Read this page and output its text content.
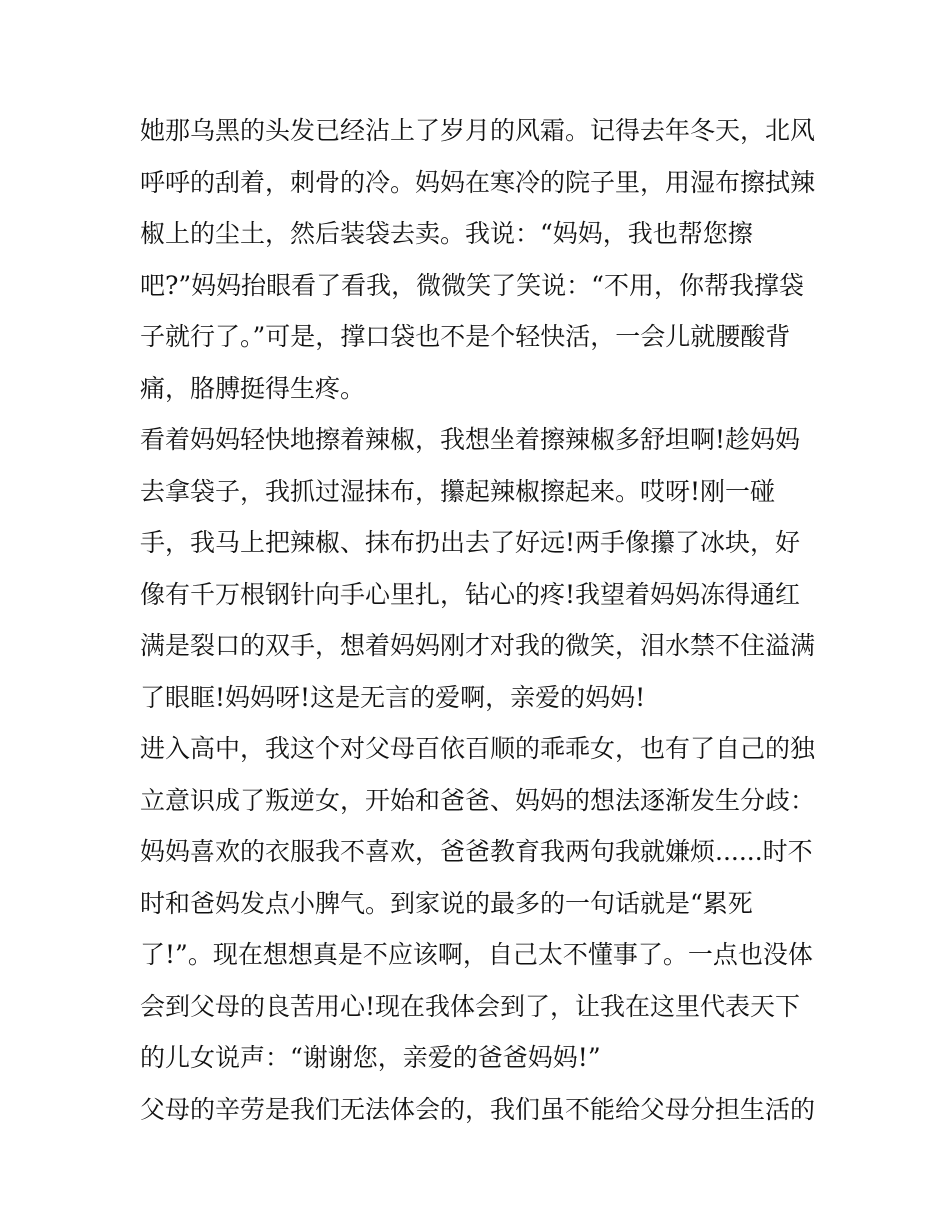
她那乌黑的头发已经沾上了岁月的风霜。记得去年冬天，北风
呼呼的刮着，刺骨的冷。妈妈在寒冷的院子里，用湿布擦拭辣
椒上的尘土，然后装袋去卖。我说：“妈妈，我也帮您擦
吧?”妈妈抬眼看了看我，微微笑了笑说：“不用，你帮我撑袋
子就行了。”可是，撑口袋也不是个轻快活，一会儿就腰酸背
痛，胳膊挺得生疼。
看着妈妈轻快地擦着辣椒，我想坐着擦辣椒多舒坦啊!趁妈妈
去拿袋子，我抓过湿抹布，攥起辣椒擦起来。哎呀!刚一碰
手，我马上把辣椒、抹布扔出去了好远!两手像攥了冰块，好
像有千万根钢针向手心里扎，钻心的疼!我望着妈妈冻得通红
满是裂口的双手，想着妈妈刚才对我的微笑，泪水禁不住溢满
了眼眶!妈妈呀!这是无言的爱啊，亲爱的妈妈!
进入高中，我这个对父母百依百顺的乖乖女，也有了自己的独
立意识成了叛逆女，开始和爸爸、妈妈的想法逐渐发生分歧：
妈妈喜欢的衣服我不喜欢，爸爸教育我两句我就嫌烦......时不
时和爸妈发点小脾气。到家说的最多的一句话就是“累死
了!”。现在想想真是不应该啊，自己太不懂事了。一点也没体
会到父母的良苦用心!现在我体会到了，让我在这里代表天下
的儿女说声：“谢谢您，亲爱的爸爸妈妈!”
父母的辛劳是我们无法体会的，我们虽不能给父母分担生活的
